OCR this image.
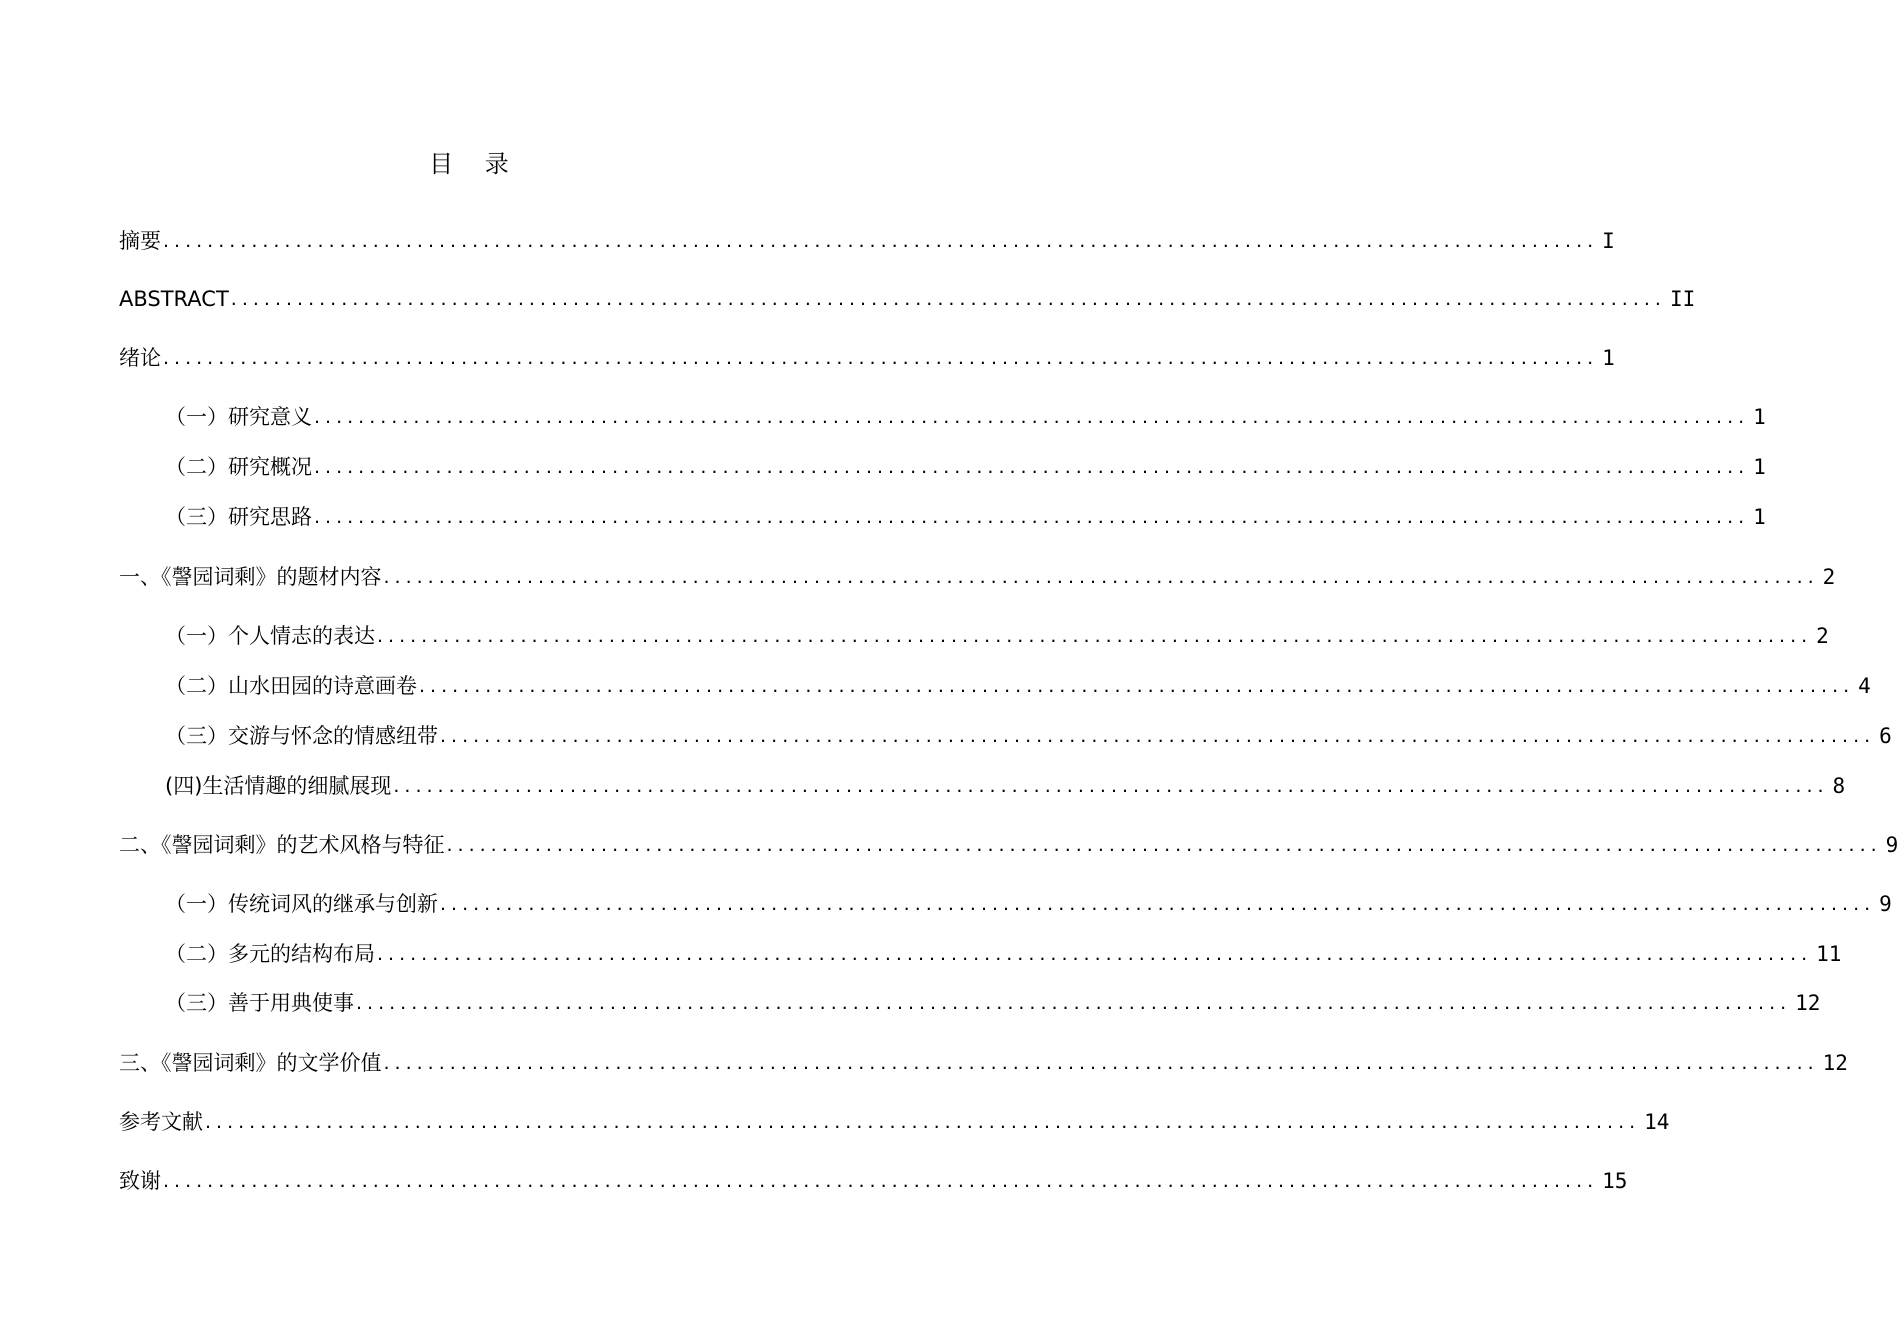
目 录
摘要 .................................................................................................................................. I
ABSTRACT .................................................................................................................................. II
绪论 .................................................................................................................................. 1
（一）研究意义 .................................................................................................................................. 1
（二）研究概况 .................................................................................................................................. 1
（三）研究思路 .................................................................................................................................. 1
一、《謦园词剩》的题材内容 .................................................................................................................................. 2
（一）个人情志的表达 .................................................................................................................................. 2
（二）山水田园的诗意画卷 .................................................................................................................................. 4
（三）交游与怀念的情感纽带 .................................................................................................................................. 6
(四)生活情趣的细腻展现 .................................................................................................................................. 8
二、《謦园词剩》的艺术风格与特征 .................................................................................................................................. 9
（一）传统词风的继承与创新 .................................................................................................................................. 9
（二）多元的结构布局 .................................................................................................................................. 11
（三）善于用典使事 .................................................................................................................................. 12
三、《謦园词剩》的文学价值 .................................................................................................................................. 12
参考文献 .................................................................................................................................. 14
致谢 .................................................................................................................................. 15
